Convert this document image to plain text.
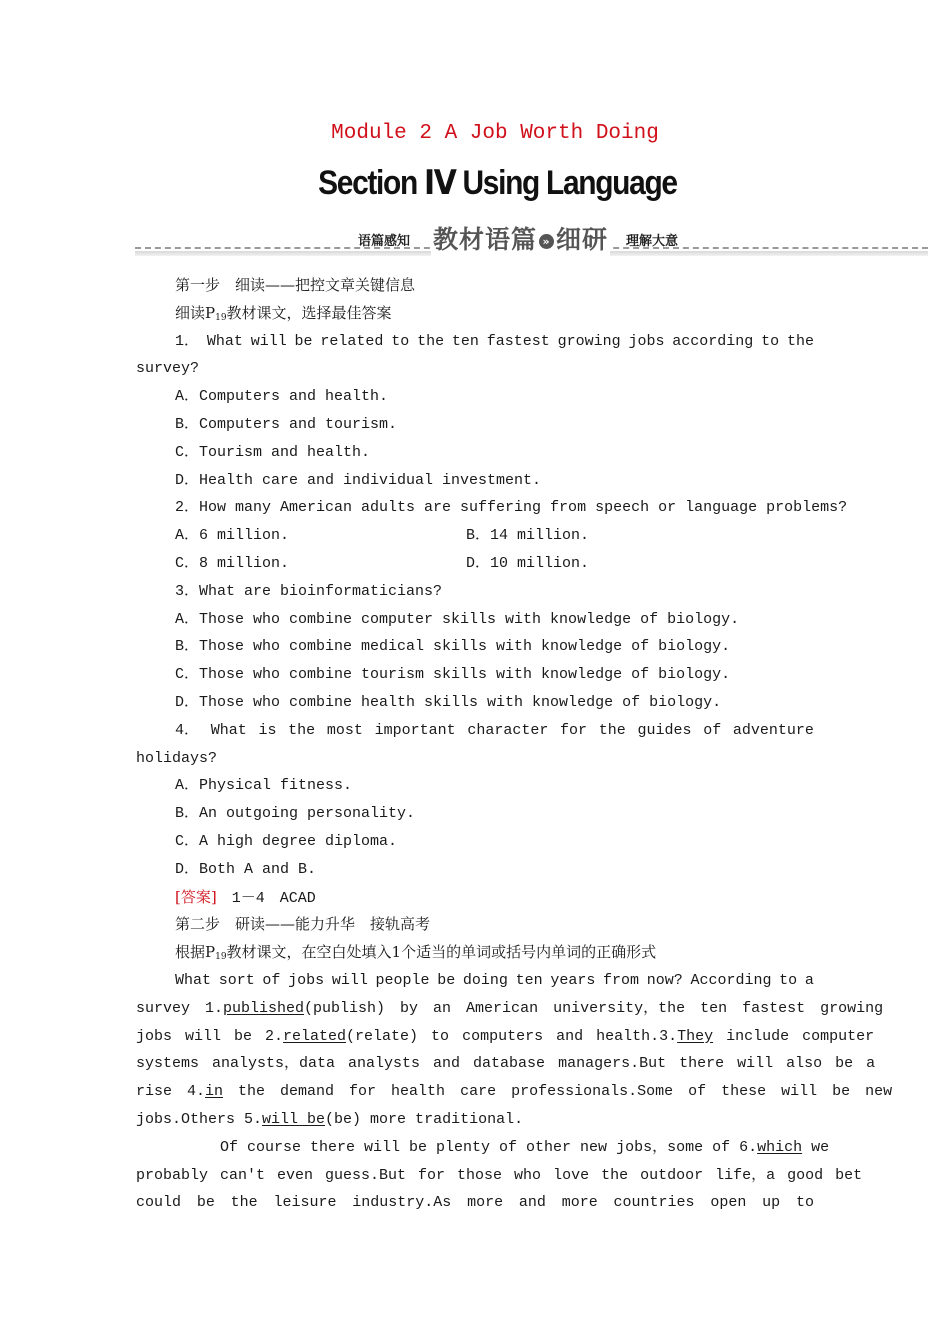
Module 2 A Job Worth Doing
Section Ⅳ Using Language
语篇感知 教材语篇 » 细研 理解大意
第一步　细读——把控文章关键信息
细读$P_{19}$教材课文，选择最佳答案
1． What will be related to the ten fastest growing jobs according to the
survey?
A．Computers and health.
B．Computers and tourism.
C．Tourism and health.
D．Health care and individual investment.
2．How many American adults are suffering from speech or language problems?
A．6 million.	B．14 million.
C．8 million.	D．10 million.
3．What are bioinformaticians?
A．Those who combine computer skills with knowledge of biology.
B．Those who combine medical skills with knowledge of biology.
C．Those who combine tourism skills with knowledge of biology.
D．Those who combine health skills with knowledge of biology.
4． What is the most important character for the guides of adventure
holidays?
A．Physical fitness.
B．An outgoing personality.
C．A high degree diploma.
D．Both A and B.
[答案]　 1－4　ACAD
第二步　研读——能力升华　接轨高考
根据$P_{19}$教材课文，在空白处填入1个适当的单词或括号内单词的正确形式
What sort of jobs will people be doing ten years from now? According to a
survey 1.published(publish) by an American university，the ten fastest growing
jobs will be 2.related(relate) to computers and health.3.They include computer
systems analysts，data analysts and database managers.But there will also be a
rise 4.in the demand for health care professionals.Some of these will be new
jobs.Others 5.will be(be) more traditional.
Of course there will be plenty of other new jobs，some of 6.which we
probably can't even guess.But for those who love the outdoor life，a good bet
could be the leisure industry.As more and more countries open up to
